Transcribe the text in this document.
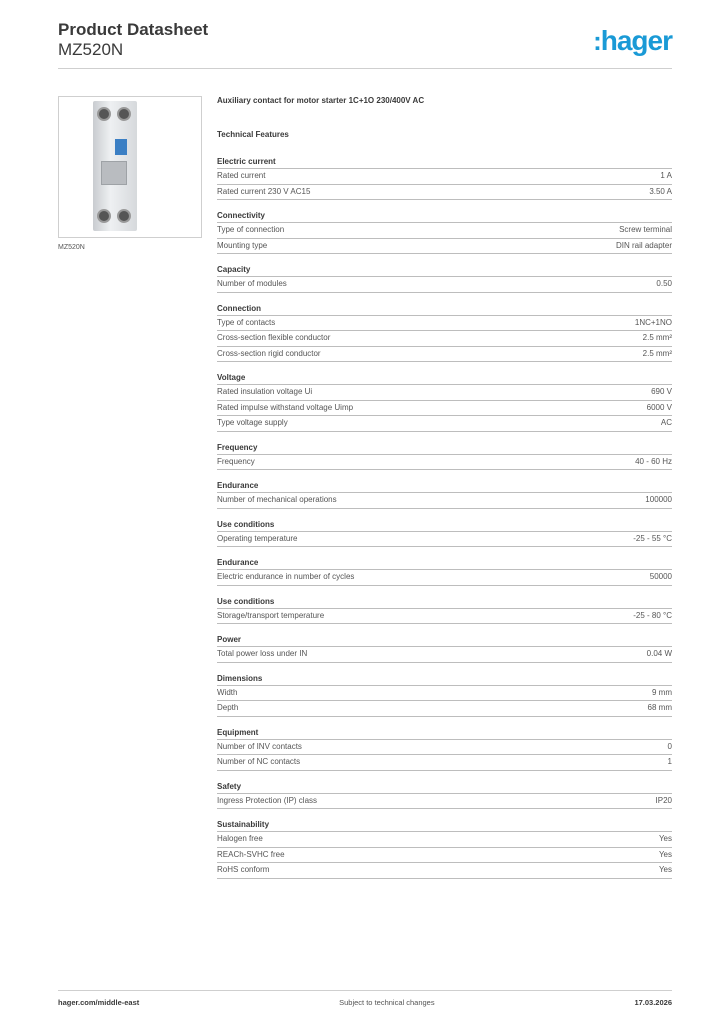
Product Datasheet
MZ520N	:hager
MZ520N
Auxiliary contact for motor starter 1C+1O 230/400V AC
Technical Features
Electric current
Rated current	1 A
Rated current 230 V AC15	3.50 A
Connectivity
Type of connection	Screw terminal
Mounting type	DIN rail adapter
Capacity
Number of modules	0.50
Connection
Type of contacts	1NC+1NO
Cross-section flexible conductor	2.5 mm²
Cross-section rigid conductor	2.5 mm²
Voltage
Rated insulation voltage Ui	690 V
Rated impulse withstand voltage Uimp	6000 V
Type voltage supply	AC
Frequency
Frequency	40 - 60 Hz
Endurance
Number of mechanical operations	100000
Use conditions
Operating temperature	-25 - 55 °C
Endurance
Electric endurance in number of cycles	50000
Use conditions
Storage/transport temperature	-25 - 80 °C
Power
Total power loss under IN	0.04 W
Dimensions
Width	9 mm
Depth	68 mm
Equipment
Number of INV contacts	0
Number of NC contacts	1
Safety
Ingress Protection (IP) class	IP20
Sustainability
Halogen free	Yes
REACh-SVHC free	Yes
RoHS conform	Yes
hager.com/middle-east	Subject to technical changes	17.03.2026
